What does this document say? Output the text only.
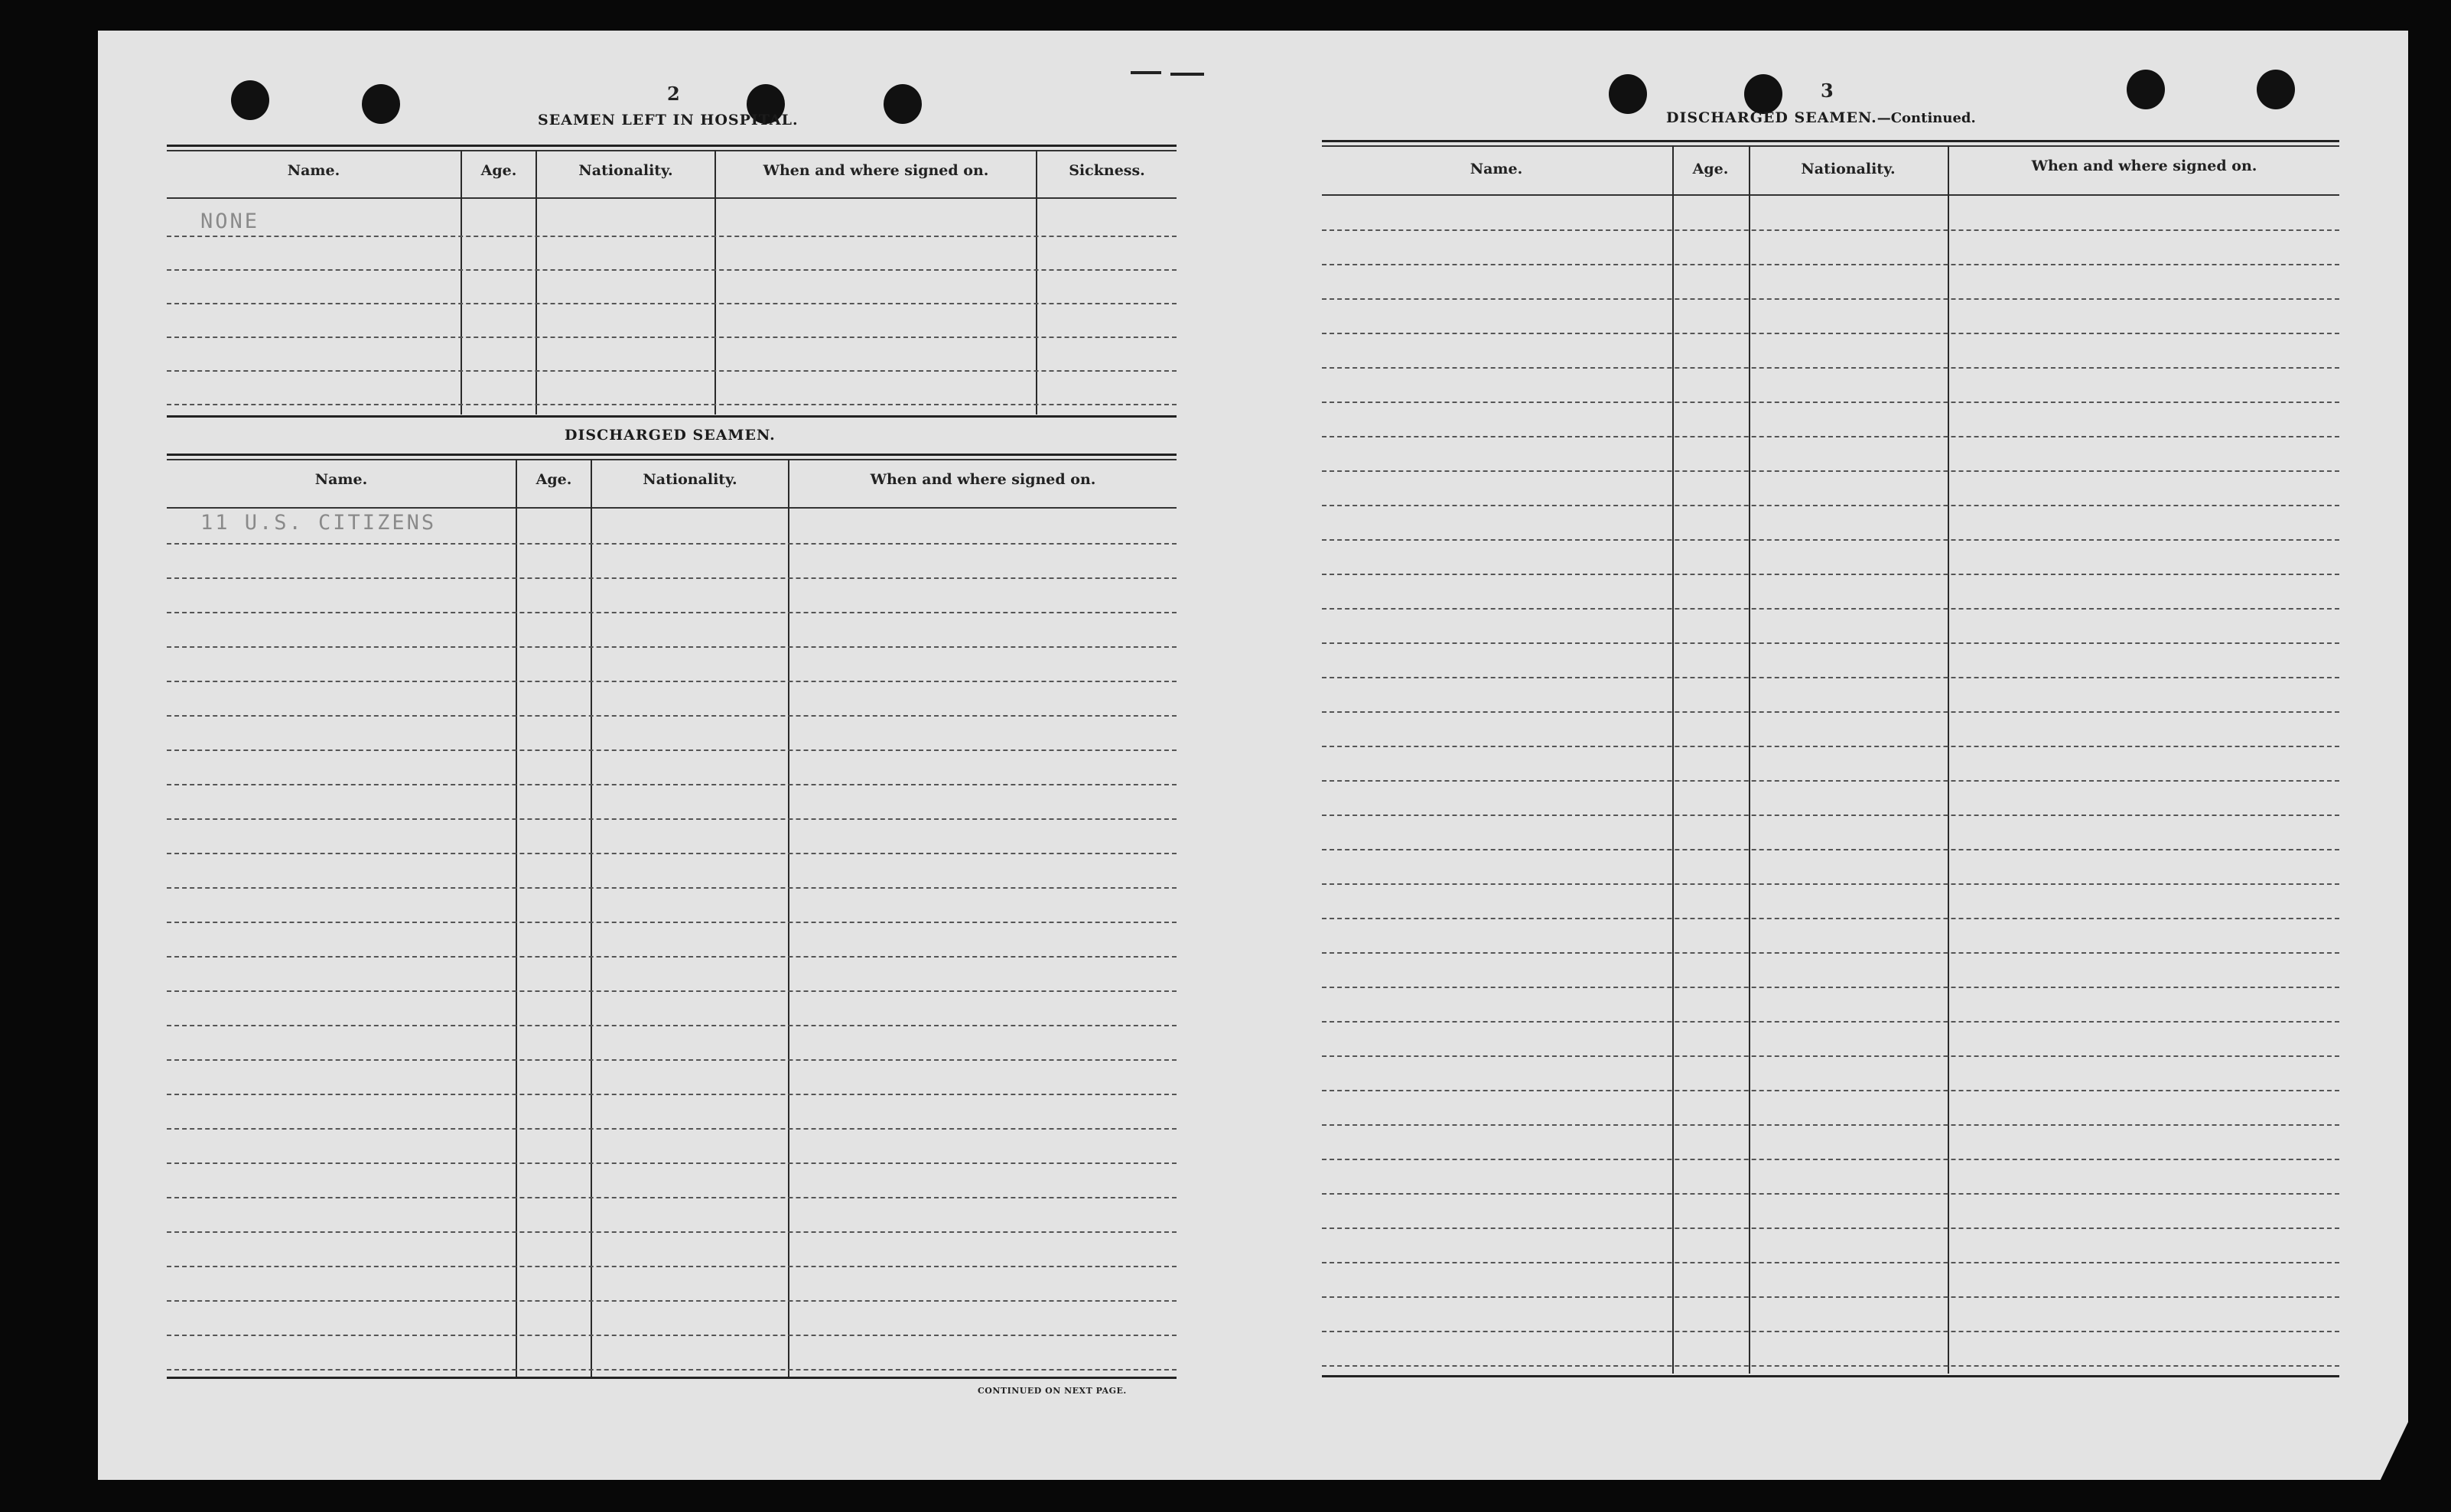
2
SEAMEN LEFT IN HOSPITAL.
Name.	Age.	Nationality.	When and where signed on.	Sickness.
NONE
DISCHARGED SEAMEN.
Name.	Age.	Nationality.	When and where signed on.
11 U.S. CITIZENS
CONTINUED ON NEXT PAGE.
3
DISCHARGED SEAMEN.—Continued.
Name.	Age.	Nationality.	When and where signed on.
